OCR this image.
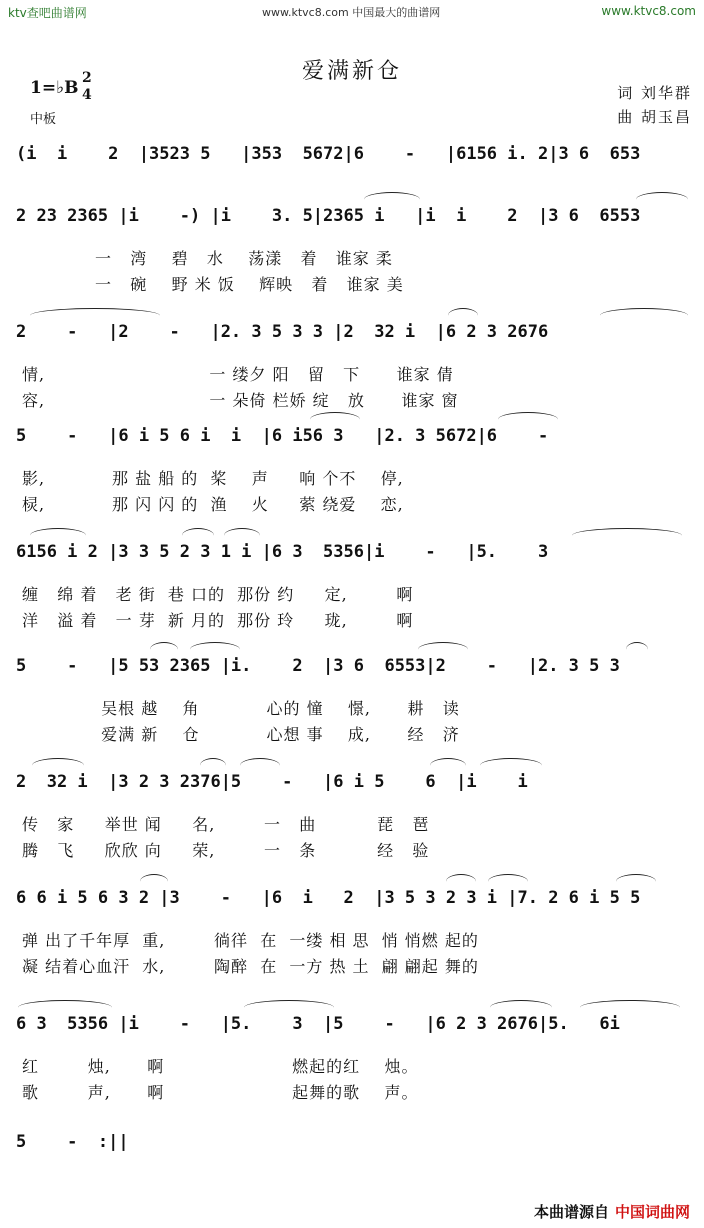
ktv查吧曲谱网	www.ktvc8.com 中国最大的曲谱网	www.ktvc8.com
爱满新仓
1=♭B 2
4
中板
词 刘华群
曲 胡玉昌
(i  i    2  |3523 5   |353  5672|6    -   |6156 i. 2|3 6  653
2 23 2365 |i    -) |i    3. 5|2365 i   |i  i    2  |3 6  6553
一   湾    碧   水    荡漾   着   谁家 柔
一   碗    野 米 饭    辉映   着   谁家 美
2    -   |2    -   |2. 3 5 3 3 |2  32 i  |6 2 3 2676
情,                           一 缕夕 阳   留   下      谁家 倩
容,                           一 朵倚 栏娇 绽   放      谁家 窗
5    -   |6 i 5 6 i  i  |6 i56 3   |2. 3 5672|6    -
影,           那 盐 船 的  桨    声     响 个不    停,
棂,           那 闪 闪 的  渔    火     萦 绕爱    恋,
6156 i 2 |3 3 5 2 3 1 i |6 3  5356|i    -   |5.    3
缠   绵 着   老 街  巷 口的  那份 约     定,        啊
洋   溢 着   一 芽  新 月的  那份 玲     珑,        啊
5    -   |5 53 2365 |i.    2  |3 6  6553|2    -   |2. 3 5 3
吴根 越    角           心的 憧    憬,      耕   读
爱满 新    仓           心想 事    成,      经   济
2  32 i  |3 2 3 2376|5    -   |6 i 5    6  |i    i
传   家     举世 闻     名,        一   曲          琵   琶
腾   飞     欣欣 向     荣,        一   条          经   验
6 6 i 5 6 3 2 |3    -   |6  i   2  |3 5 3 2 3 i |7. 2 6 i 5 5
弹 出了千年厚  重,        徜徉  在  一缕 相 思  悄 悄燃 起的
凝 结着心血汗  水,        陶醉  在  一方 热 土  翩 翩起 舞的
6 3  5356 |i    -   |5.    3  |5    -   |6 2 3 2676|5.   6i
红        烛,      啊                     燃起的红    烛。
歌        声,      啊                     起舞的歌    声。
5    -  :||
本曲谱源自 中国词曲网
